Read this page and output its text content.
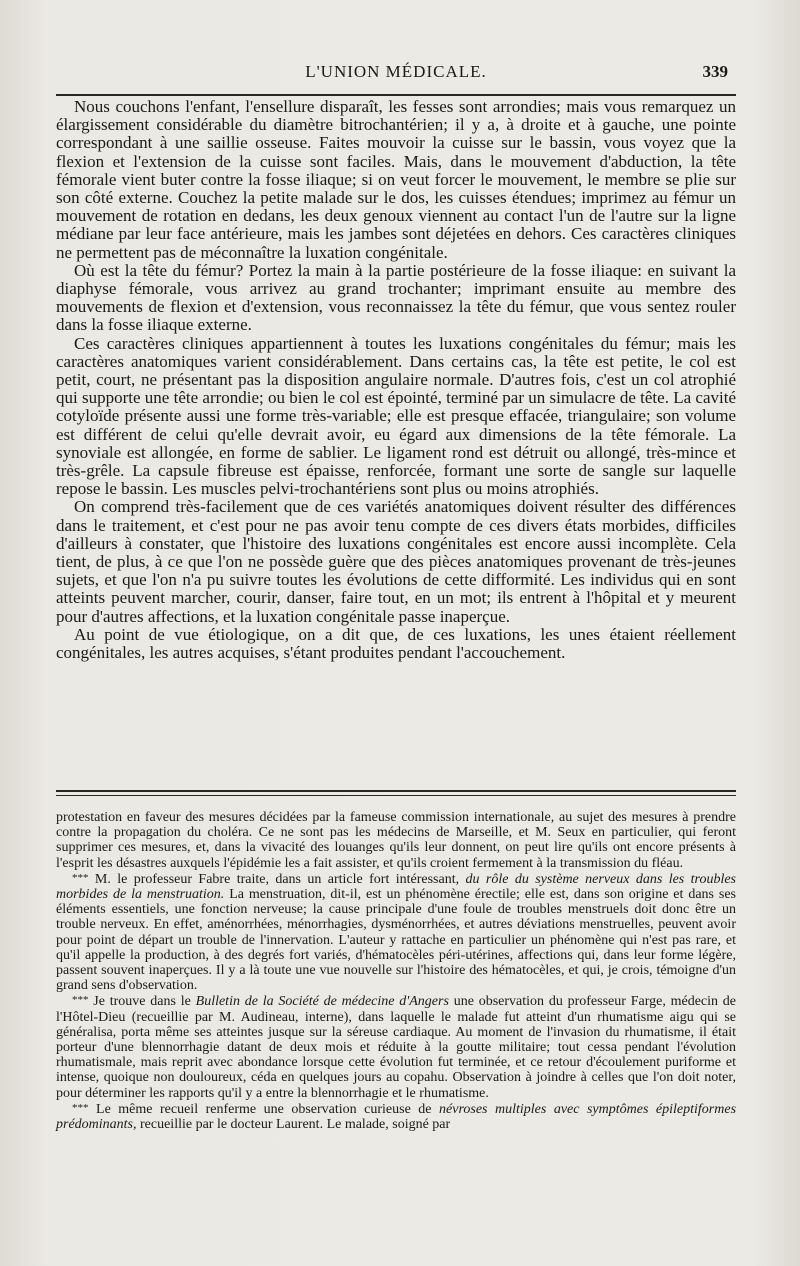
L'UNION MÉDICALE.	339

Nous couchons l'enfant, l'ensellure disparaît, les fesses sont arrondies; mais vous remarquez un élargissement considérable du diamètre bitrochantérien; il y a, à droite et à gauche, une pointe correspondant à une saillie osseuse. Faites mouvoir la cuisse sur le bassin, vous voyez que la flexion et l'extension de la cuisse sont faciles. Mais, dans le mouvement d'abduction, la tête fémorale vient buter contre la fosse iliaque; si on veut forcer le mouvement, le membre se plie sur son côté externe. Couchez la petite malade sur le dos, les cuisses étendues; imprimez au fémur un mouvement de rotation en dedans, les deux genoux viennent au contact l'un de l'autre sur la ligne médiane par leur face antérieure, mais les jambes sont déjetées en dehors. Ces caractères cliniques ne permettent pas de méconnaître la luxation congénitale.

Où est la tête du fémur? Portez la main à la partie postérieure de la fosse iliaque: en suivant la diaphyse fémorale, vous arrivez au grand trochanter; imprimant ensuite au membre des mouvements de flexion et d'extension, vous reconnaissez la tête du fémur, que vous sentez rouler dans la fosse iliaque externe.

Ces caractères cliniques appartiennent à toutes les luxations congénitales du fémur; mais les caractères anatomiques varient considérablement. Dans certains cas, la tête est petite, le col est petit, court, ne présentant pas la disposition angulaire normale. D'autres fois, c'est un col atrophié qui supporte une tête arrondie; ou bien le col est épointé, terminé par un simulacre de tête. La cavité cotyloïde présente aussi une forme très-variable; elle est presque effacée, triangulaire; son volume est différent de celui qu'elle devrait avoir, eu égard aux dimensions de la tête fémorale. La synoviale est allongée, en forme de sablier. Le ligament rond est détruit ou allongé, très-mince et très-grêle. La capsule fibreuse est épaisse, renforcée, formant une sorte de sangle sur laquelle repose le bassin. Les muscles pelvi-trochantériens sont plus ou moins atrophiés.

On comprend très-facilement que de ces variétés anatomiques doivent résulter des différences dans le traitement, et c'est pour ne pas avoir tenu compte de ces divers états morbides, difficiles d'ailleurs à constater, que l'histoire des luxations congénitales est encore aussi incomplète. Cela tient, de plus, à ce que l'on ne possède guère que des pièces anatomiques provenant de très-jeunes sujets, et que l'on n'a pu suivre toutes les évolutions de cette difformité. Les individus qui en sont atteints peuvent marcher, courir, danser, faire tout, en un mot; ils entrent à l'hôpital et y meurent pour d'autres affections, et la luxation congénitale passe inaperçue.

Au point de vue étiologique, on a dit que, de ces luxations, les unes étaient réellement congénitales, les autres acquises, s'étant produites pendant l'accouchement.

protestation en faveur des mesures décidées par la fameuse commission internationale, au sujet des mesures à prendre contre la propagation du choléra. Ce ne sont pas les médecins de Marseille, et M. Seux en particulier, qui feront supprimer ces mesures, et, dans la vivacité des louanges qu'ils leur donnent, on peut lire qu'ils ont encore présents à l'esprit les désastres auxquels l'épidémie les a fait assister, et qu'ils croient fermement à la transmission du fléau.

*** M. le professeur Fabre traite, dans un article fort intéressant, du rôle du système nerveux dans les troubles morbides de la menstruation. La menstruation, dit-il, est un phénomène érectile; elle est, dans son origine et dans ses éléments essentiels, une fonction nerveuse; la cause principale d'une foule de troubles menstruels doit donc être un trouble nerveux. En effet, aménorrhées, ménorrhagies, dysménorrhées, et autres déviations menstruelles, peuvent avoir pour point de départ un trouble de l'innervation. L'auteur y rattache en particulier un phénomène qui n'est pas rare, et qu'il appelle la production, à des degrés fort variés, d'hématocèles péri-utérines, affections qui, dans leur forme légère, passent souvent inaperçues. Il y a là toute une vue nouvelle sur l'histoire des hématocèles, et qui, je crois, témoigne d'un grand sens d'observation.

*** Je trouve dans le Bulletin de la Société de médecine d'Angers une observation du professeur Farge, médecin de l'Hôtel-Dieu (recueillie par M. Audineau, interne), dans laquelle le malade fut atteint d'un rhumatisme aigu qui se généralisa, porta même ses atteintes jusque sur la séreuse cardiaque. Au moment de l'invasion du rhumatisme, il était porteur d'une blennorrhagie datant de deux mois et réduite à la goutte militaire; tout cessa pendant l'évolution rhumatismale, mais reprit avec abondance lorsque cette évolution fut terminée, et ce retour d'écoulement puriforme et intense, quoique non douloureux, céda en quelques jours au copahu. Observation à joindre à celles que l'on doit noter, pour déterminer les rapports qu'il y a entre la blennorrhagie et le rhumatisme.

*** Le même recueil renferme une observation curieuse de névroses multiples avec symptômes épileptiformes prédominants, recueillie par le docteur Laurent. Le malade, soigné par
